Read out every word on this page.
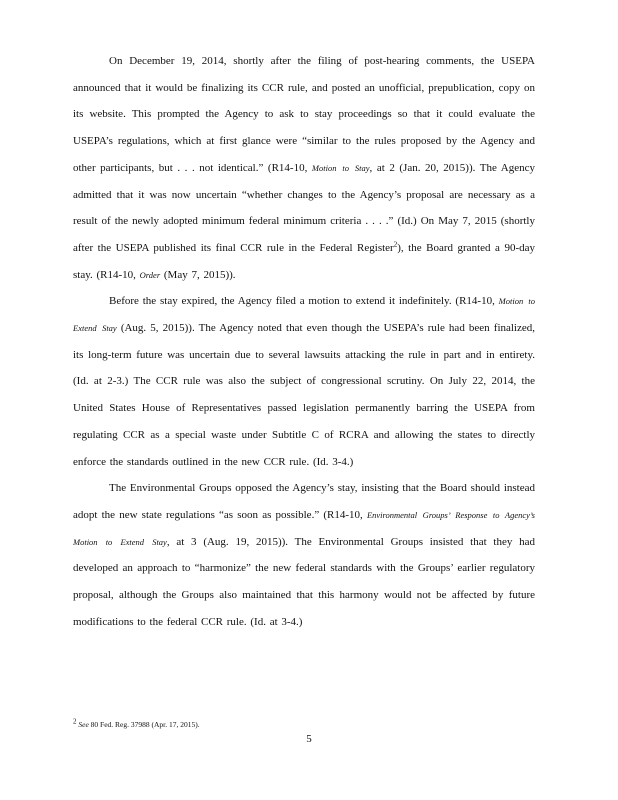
On December 19, 2014, shortly after the filing of post-hearing comments, the USEPA announced that it would be finalizing its CCR rule, and posted an unofficial, prepublication, copy on its website. This prompted the Agency to ask to stay proceedings so that it could evaluate the USEPA’s regulations, which at first glance were “similar to the rules proposed by the Agency and other participants, but . . . not identical.” (R14-10, Motion to Stay, at 2 (Jan. 20, 2015)). The Agency admitted that it was now uncertain “whether changes to the Agency’s proposal are necessary as a result of the newly adopted minimum federal minimum criteria . . . .” (Id.) On May 7, 2015 (shortly after the USEPA published its final CCR rule in the Federal Register$^2$), the Board granted a 90-day stay. (R14-10, Order (May 7, 2015)).

Before the stay expired, the Agency filed a motion to extend it indefinitely. (R14-10, Motion to Extend Stay (Aug. 5, 2015)). The Agency noted that even though the USEPA’s rule had been finalized, its long-term future was uncertain due to several lawsuits attacking the rule in part and in entirety. (Id. at 2-3.) The CCR rule was also the subject of congressional scrutiny. On July 22, 2014, the United States House of Representatives passed legislation permanently barring the USEPA from regulating CCR as a special waste under Subtitle C of RCRA and allowing the states to directly enforce the standards outlined in the new CCR rule. (Id. 3-4.)

The Environmental Groups opposed the Agency’s stay, insisting that the Board should instead adopt the new state regulations “as soon as possible.” (R14-10, Environmental Groups’ Response to Agency’s Motion to Extend Stay, at 3 (Aug. 19, 2015)). The Environmental Groups insisted that they had developed an approach to “harmonize” the new federal standards with the Groups’ earlier regulatory proposal, although the Groups also maintained that this harmony would not be affected by future modifications to the federal CCR rule. (Id. at 3-4.)

$^2$ See 80 Fed. Reg. 37988 (Apr. 17, 2015).
5
